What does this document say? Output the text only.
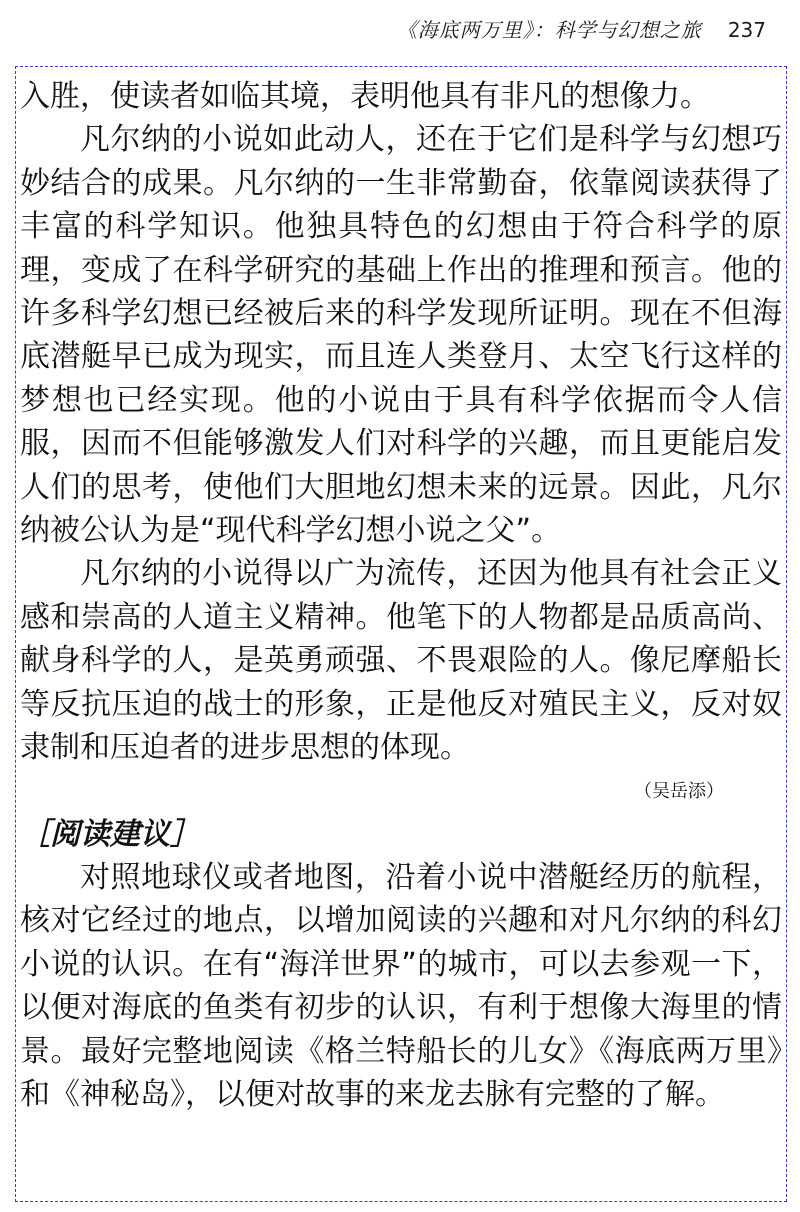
《海底两万里》：科学与幻想之旅 237

入胜，使读者如临其境，表明他具有非凡的想像力。

凡尔纳的小说如此动人，还在于它们是科学与幻想巧妙结合的成果。凡尔纳的一生非常勤奋，依靠阅读获得了丰富的科学知识。他独具特色的幻想由于符合科学的原理，变成了在科学研究的基础上作出的推理和预言。他的许多科学幻想已经被后来的科学发现所证明。现在不但海底潜艇早已成为现实，而且连人类登月、太空飞行这样的梦想也已经实现。他的小说由于具有科学依据而令人信服，因而不但能够激发人们对科学的兴趣，而且更能启发人们的思考，使他们大胆地幻想未来的远景。因此，凡尔纳被公认为是“现代科学幻想小说之父”。

凡尔纳的小说得以广为流传，还因为他具有社会正义感和崇高的人道主义精神。他笔下的人物都是品质高尚、献身科学的人，是英勇顽强、不畏艰险的人。像尼摩船长等反抗压迫的战士的形象，正是他反对殖民主义，反对奴隶制和压迫者的进步思想的体现。

（吴岳添）

［阅读建议］

对照地球仪或者地图，沿着小说中潜艇经历的航程，核对它经过的地点，以增加阅读的兴趣和对凡尔纳的科幻小说的认识。在有“海洋世界”的城市，可以去参观一下，以便对海底的鱼类有初步的认识，有利于想像大海里的情景。最好完整地阅读《格兰特船长的儿女》《海底两万里》和《神秘岛》，以便对故事的来龙去脉有完整的了解。
